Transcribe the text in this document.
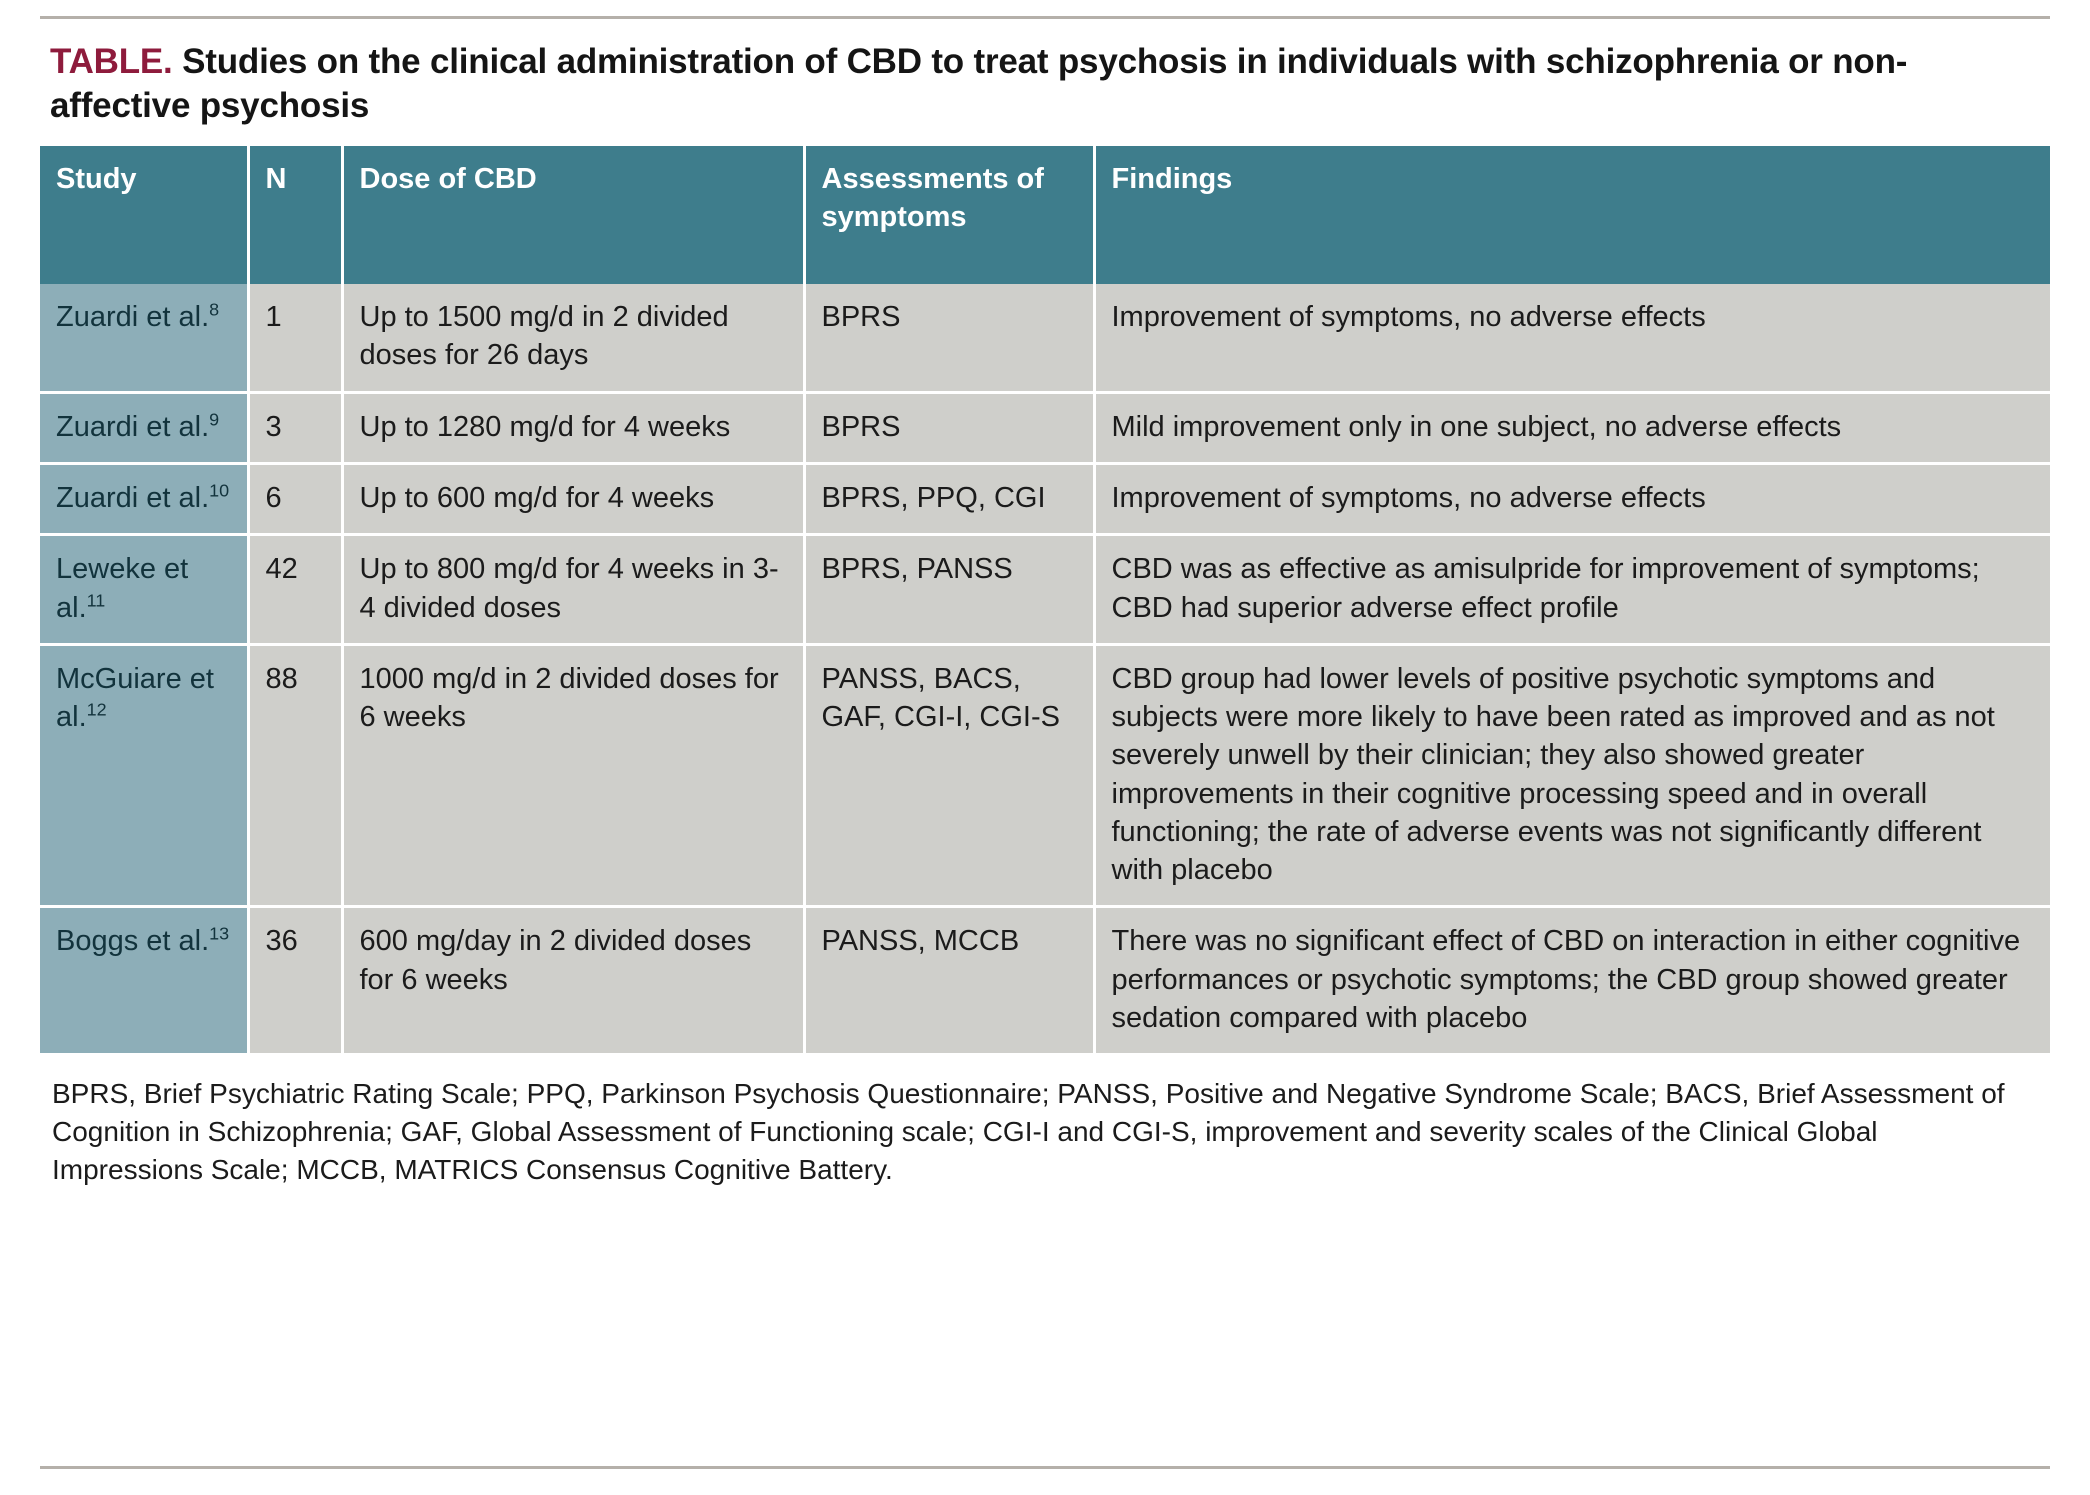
TABLE. Studies on the clinical administration of CBD to treat psychosis in individuals with schizophrenia or non-affective psychosis
Study	N	Dose of CBD	Assessments of symptoms	Findings
Zuardi et al.$^8$	1	Up to 1500 mg/d in 2 divided doses for 26 days	BPRS	Improvement of symptoms, no adverse effects
Zuardi et al.$^9$	3	Up to 1280 mg/d for 4 weeks	BPRS	Mild improvement only in one subject, no adverse effects
Zuardi et al.$^{10}$	6	Up to 600 mg/d for 4 weeks	BPRS, PPQ, CGI	Improvement of symptoms, no adverse effects
Leweke et al.$^{11}$	42	Up to 800 mg/d for 4 weeks in 3-4 divided doses	BPRS, PANSS	CBD was as effective as amisulpride for improvement of symptoms; CBD had superior adverse effect profile
McGuiare et al.$^{12}$	88	1000 mg/d in 2 divided doses for 6 weeks	PANSS, BACS, GAF, CGI-I, CGI-S	CBD group had lower levels of positive psychotic symptoms and subjects were more likely to have been rated as improved and as not severely unwell by their clinician; they also showed greater improvements in their cognitive processing speed and in overall functioning; the rate of adverse events was not significantly different with placebo
Boggs et al.$^{13}$	36	600 mg/day in 2 divided doses for 6 weeks	PANSS, MCCB	There was no significant effect of CBD on interaction in either cognitive performances or psychotic symptoms; the CBD group showed greater sedation compared with placebo
BPRS, Brief Psychiatric Rating Scale; PPQ, Parkinson Psychosis Questionnaire; PANSS, Positive and Negative Syndrome Scale; BACS, Brief Assessment of Cognition in Schizophrenia; GAF, Global Assessment of Functioning scale; CGI-I and CGI-S, improvement and severity scales of the Clinical Global Impressions Scale; MCCB, MATRICS Consensus Cognitive Battery.
